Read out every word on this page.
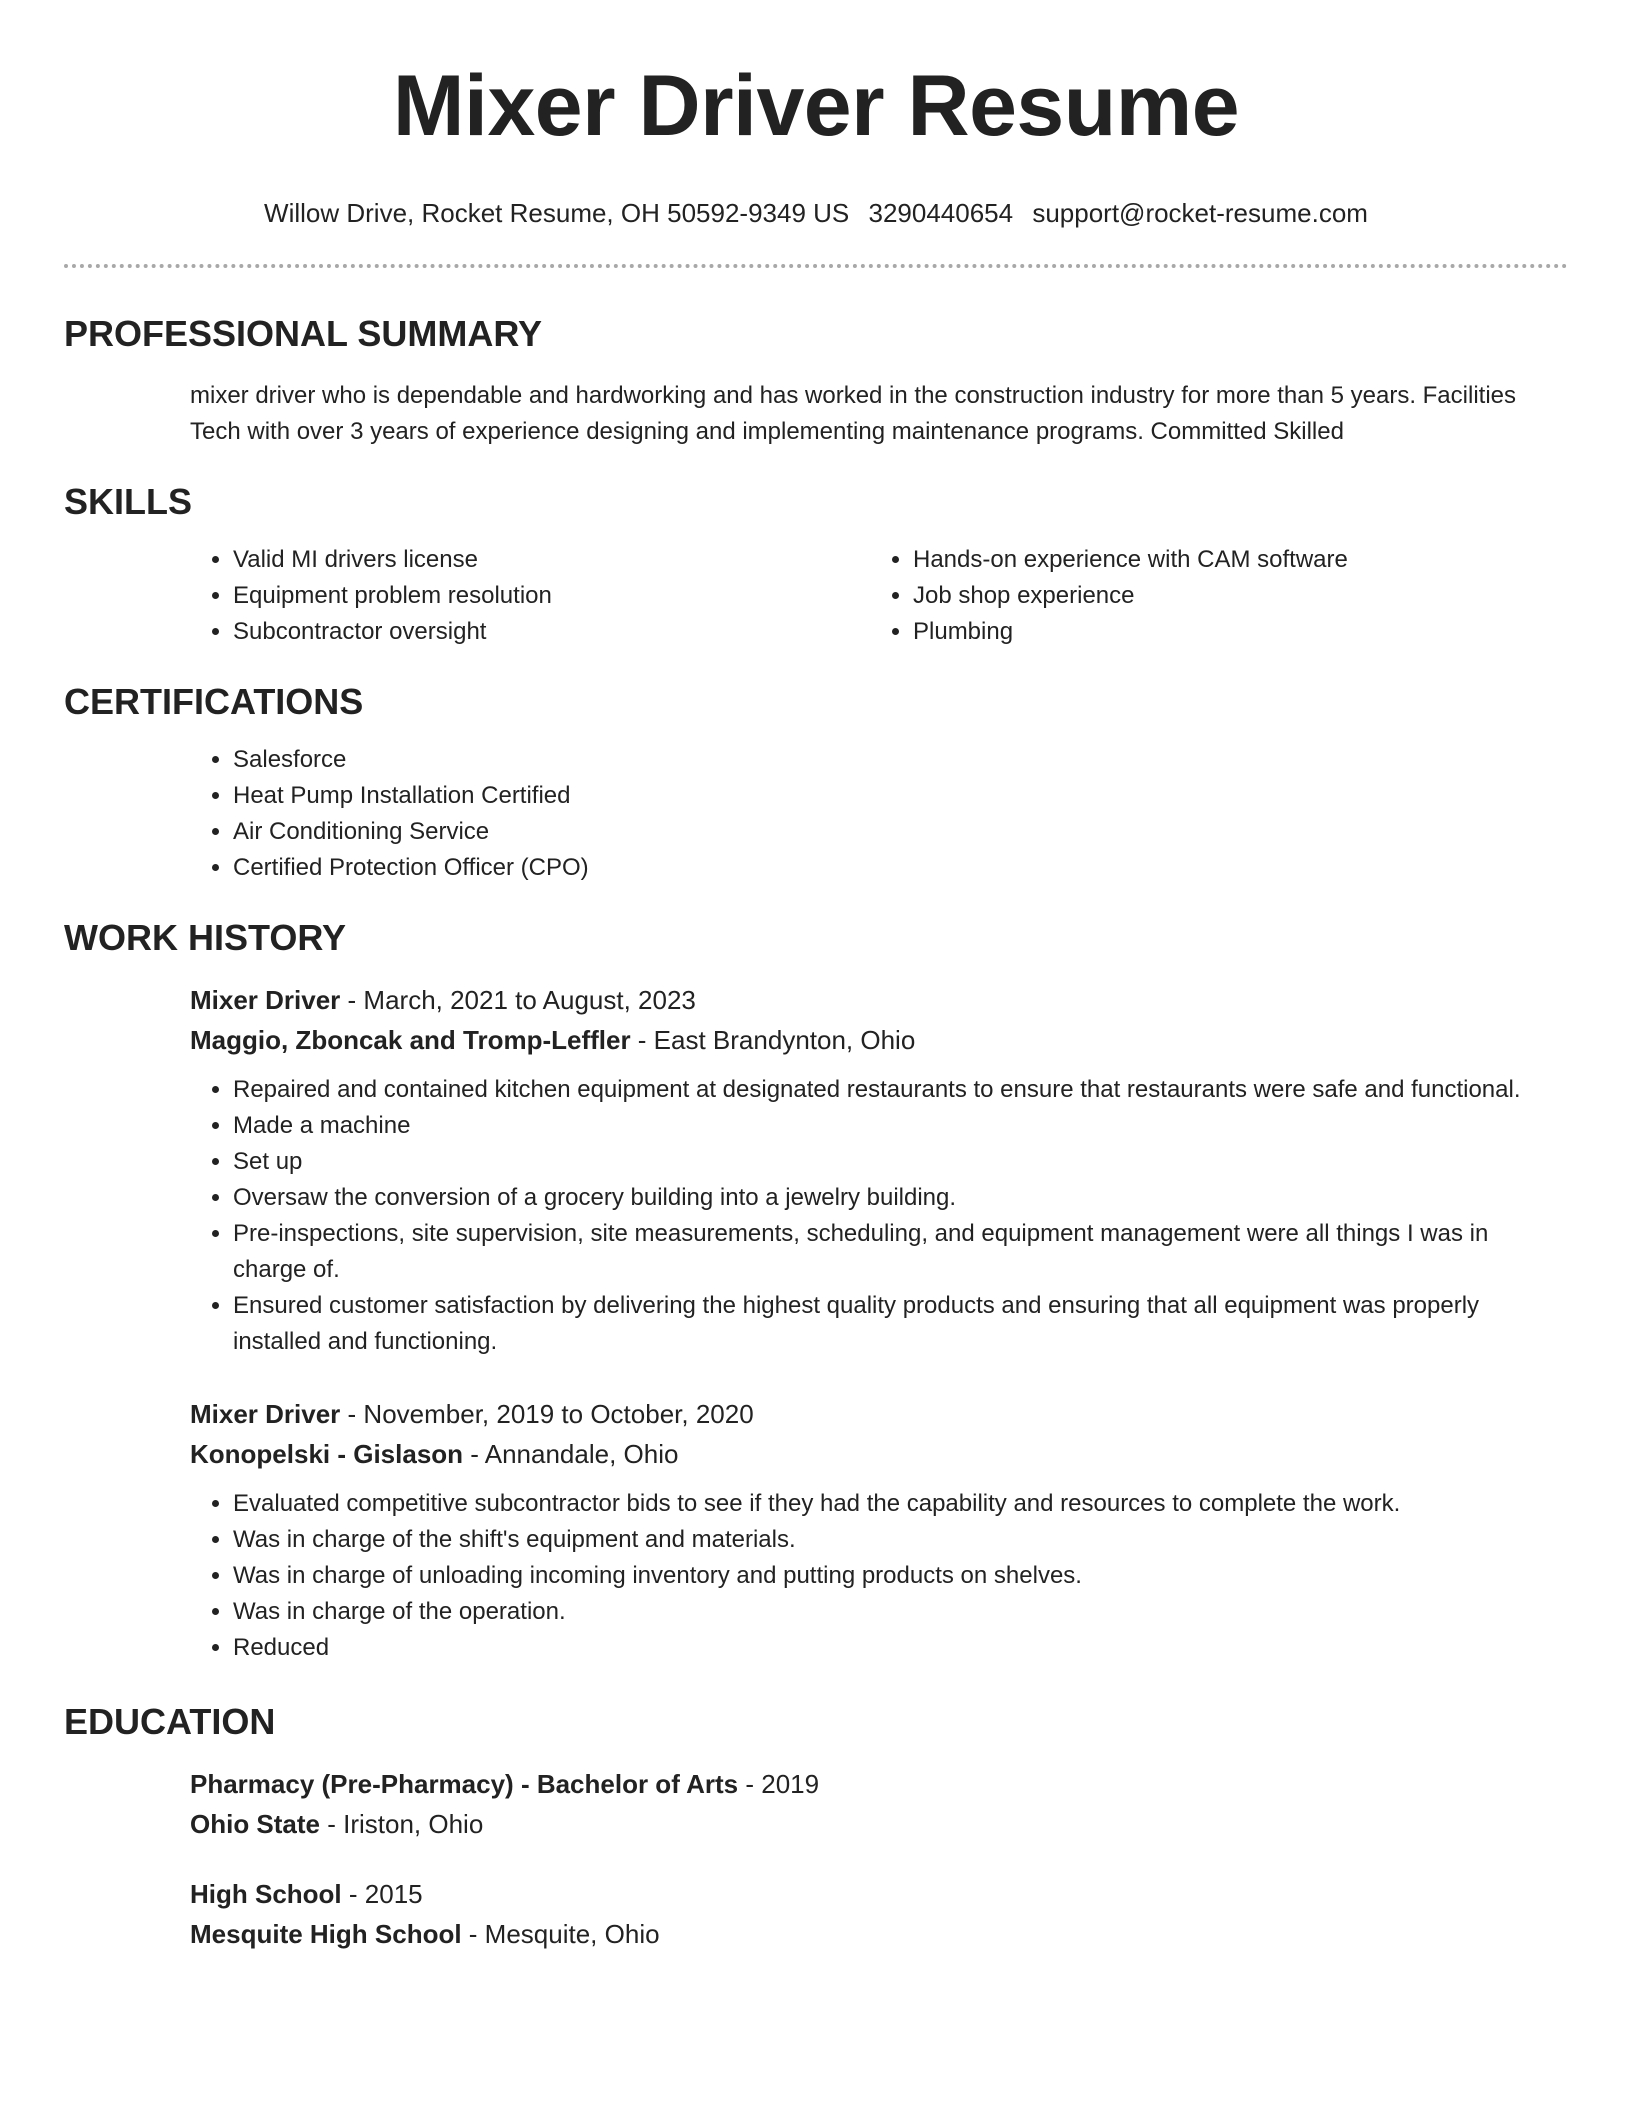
Mixer Driver Resume
Willow Drive, Rocket Resume, OH 50592-9349 US 3290440654 support@rocket-resume.com
PROFESSIONAL SUMMARY

mixer driver who is dependable and hardworking and has worked in the construction industry for more than 5 years. Facilities Tech with over 3 years of experience designing and implementing maintenance programs. Committed Skilled

SKILLS
• Valid MI drivers license
• Equipment problem resolution
• Subcontractor oversight
• Hands-on experience with CAM software
• Job shop experience
• Plumbing
CERTIFICATIONS
• Salesforce
• Heat Pump Installation Certified
• Air Conditioning Service
• Certified Protection Officer (CPO)
WORK HISTORY
Mixer Driver - March, 2021 to August, 2023
Maggio, Zboncak and Tromp-Leffler - East Brandynton, Ohio
• Repaired and contained kitchen equipment at designated restaurants to ensure that restaurants were safe and functional.
• Made a machine
• Set up
• Oversaw the conversion of a grocery building into a jewelry building.
• Pre-inspections, site supervision, site measurements, scheduling, and equipment management were all things I was in charge of.
• Ensured customer satisfaction by delivering the highest quality products and ensuring that all equipment was properly installed and functioning.
Mixer Driver - November, 2019 to October, 2020
Konopelski - Gislason - Annandale, Ohio
• Evaluated competitive subcontractor bids to see if they had the capability and resources to complete the work.
• Was in charge of the shift's equipment and materials.
• Was in charge of unloading incoming inventory and putting products on shelves.
• Was in charge of the operation.
• Reduced
EDUCATION
Pharmacy (Pre-Pharmacy) - Bachelor of Arts - 2019
Ohio State - Iriston, Ohio
High School - 2015
Mesquite High School - Mesquite, Ohio
